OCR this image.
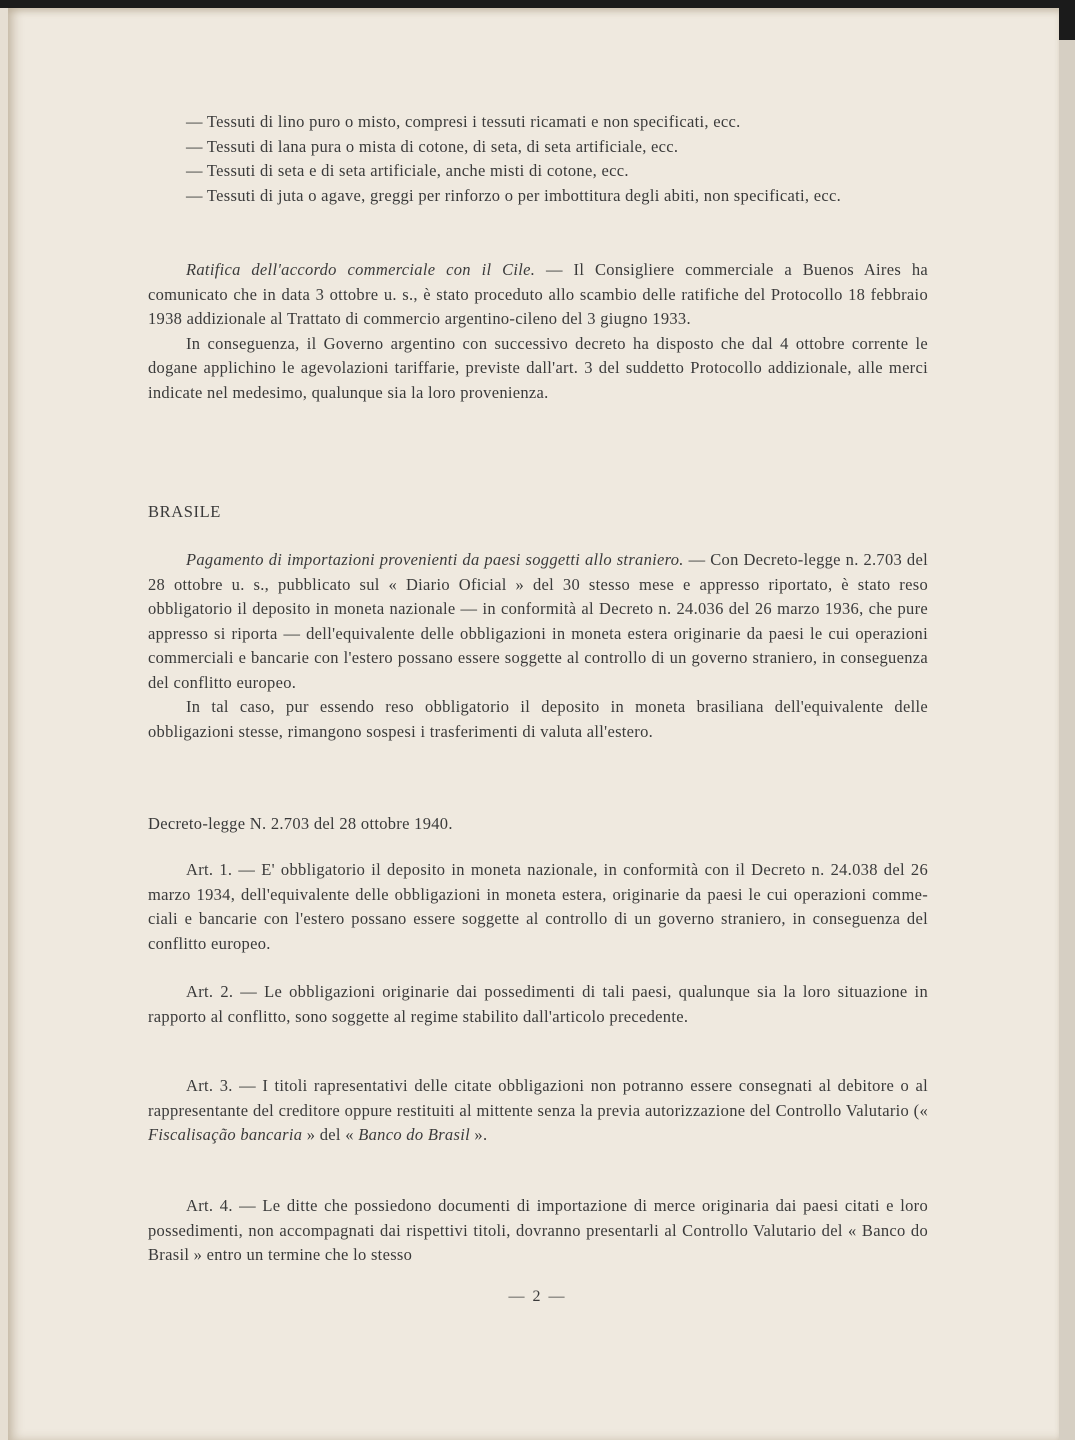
— Tessuti di lino puro o misto, compresi i tessuti ricamati e non specificati, ecc.

— Tessuti di lana pura o mista di cotone, di seta, di seta artificiale, ecc.

— Tessuti di seta e di seta artificiale, anche misti di cotone, ecc.

— Tessuti di juta o agave, greggi per rinforzo o per imbottitura degli abiti, non specificati, ecc.

Ratifica dell'accordo commerciale con il Cile. — Il Consigliere commerciale a Buenos Aires ha comunicato che in data 3 ottobre u. s., è stato proceduto allo scambio delle ratifiche del Protocollo 18 febbraio 1938 addizionale al Trattato di commercio argentino-cileno del 3 giugno 1933.

In conseguenza, il Governo argentino con successivo decreto ha disposto che dal 4 ottobre corrente le dogane applichino le agevolazioni tariffarie, previste dall'art. 3 del suddetto Protocollo addizionale, alle merci indicate nel medesimo, qualunque sia la loro provenienza.

BRASILE

Pagamento di importazioni provenienti da paesi soggetti allo straniero. — Con Decreto-legge n. 2.703 del 28 ottobre u. s., pubblicato sul « Diario Oficial » del 30 stesso mese e appresso riportato, è stato reso obbligatorio il deposito in moneta nazionale — in conformità al Decreto n. 24.036 del 26 marzo 1936, che pure appresso si riporta — dell'equivalente delle obbligazioni in moneta estera originarie da paesi le cui operazioni commerciali e bancarie con l'estero possano essere soggette al controllo di un governo straniero, in conseguenza del conflitto europeo.

In tal caso, pur essendo reso obbligatorio il deposito in moneta brasiliana dell'equivalente delle obbligazioni stesse, rimangono sospesi i trasferimenti di valuta all'estero.

Decreto-legge N. 2.703 del 28 ottobre 1940.

Art. 1. — E' obbligatorio il deposito in moneta nazionale, in conformità con il Decreto n. 24.038 del 26 marzo 1934, dell'equivalente delle obbligazioni in moneta estera, originarie da paesi le cui operazioni comme-ciali e bancarie con l'estero possano essere soggette al controllo di un governo straniero, in conseguenza del conflitto europeo.

Art. 2. — Le obbligazioni originarie dai possedimenti di tali paesi, qualunque sia la loro situazione in rapporto al conflitto, sono soggette al regime stabilito dall'articolo precedente.

Art. 3. — I titoli rapresentativi delle citate obbligazioni non potranno essere consegnati al debitore o al rappresentante del creditore oppure restituiti al mittente senza la previa autorizzazione del Controllo Valutario (« Fiscalisação bancaria » del « Banco do Brasil ».

Art. 4. — Le ditte che possiedono documenti di importazione di merce originaria dai paesi citati e loro possedimenti, non accompagnati dai rispettivi titoli, dovranno presentarli al Controllo Valutario del « Banco do Brasil » entro un termine che lo stesso

— 2 —
